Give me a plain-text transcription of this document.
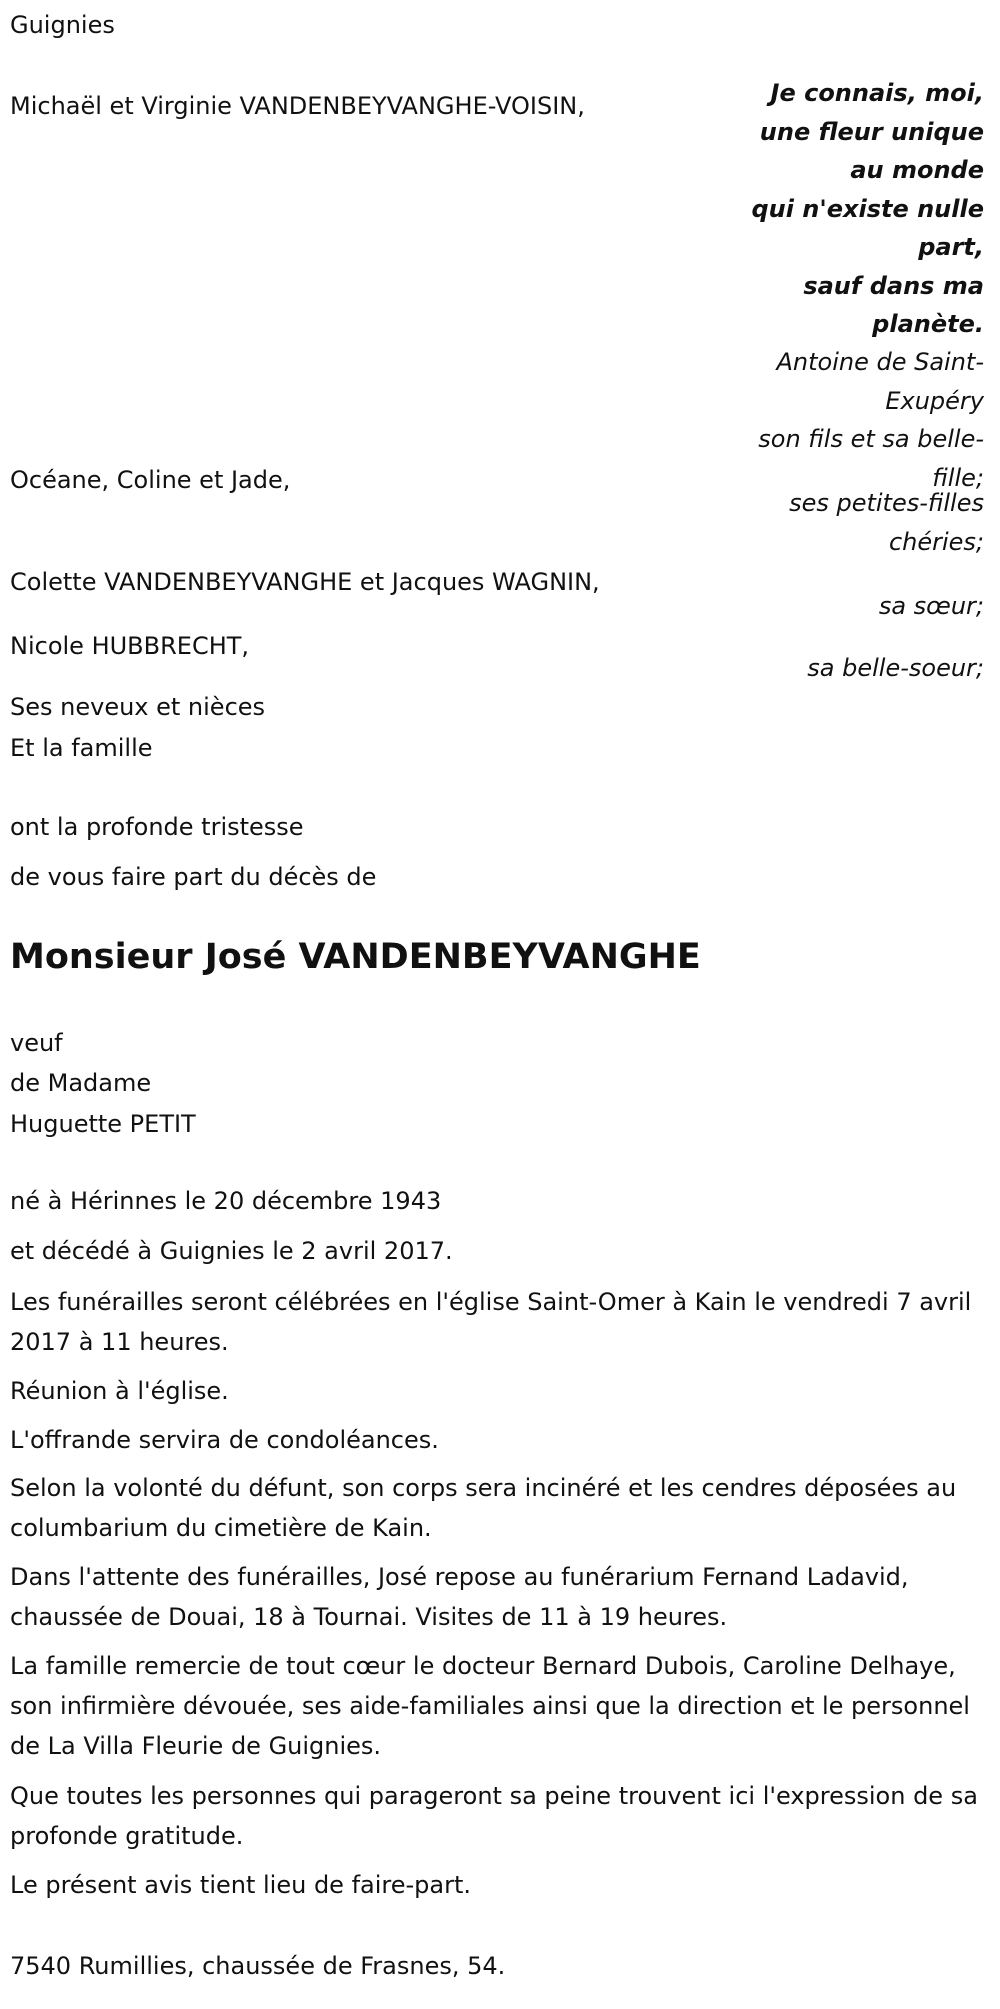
Guignies
Michaël et Virginie VANDENBEYVANGHE-VOISIN,	Je connais, moi,
une fleur unique
au monde
qui n'existe nulle
part,
sauf dans ma
planète.
Antoine de Saint-
Exupéry
son fils et sa belle-
fille;
Océane, Coline et Jade,
ses petites-filles
chéries;
Colette VANDENBEYVANGHE et Jacques WAGNIN,
sa sœur;
Nicole HUBBRECHT,
sa belle-soeur;
Ses neveux et nièces
Et la famille
ont la profonde tristesse
de vous faire part du décès de
Monsieur José VANDENBEYVANGHE
veuf
de Madame
Huguette PETIT
né à Hérinnes le 20 décembre 1943
et décédé à Guignies le 2 avril 2017.
Les funérailles seront célébrées en l'église Saint-Omer à Kain le vendredi 7 avril 2017 à 11 heures.
Réunion à l'église.
L'offrande servira de condoléances.
Selon la volonté du défunt, son corps sera incinéré et les cendres déposées au columbarium du cimetière de Kain.
Dans l'attente des funérailles, José repose au funérarium Fernand Ladavid, chaussée de Douai, 18 à Tournai. Visites de 11 à 19 heures.
La famille remercie de tout cœur le docteur Bernard Dubois, Caroline Delhaye, son infirmière dévouée, ses aide-familiales ainsi que la direction et le personnel de La Villa Fleurie de Guignies.
Que toutes les personnes qui parageront sa peine trouvent ici l'expression de sa profonde gratitude.
Le présent avis tient lieu de faire-part.
7540 Rumillies, chaussée de Frasnes, 54.
